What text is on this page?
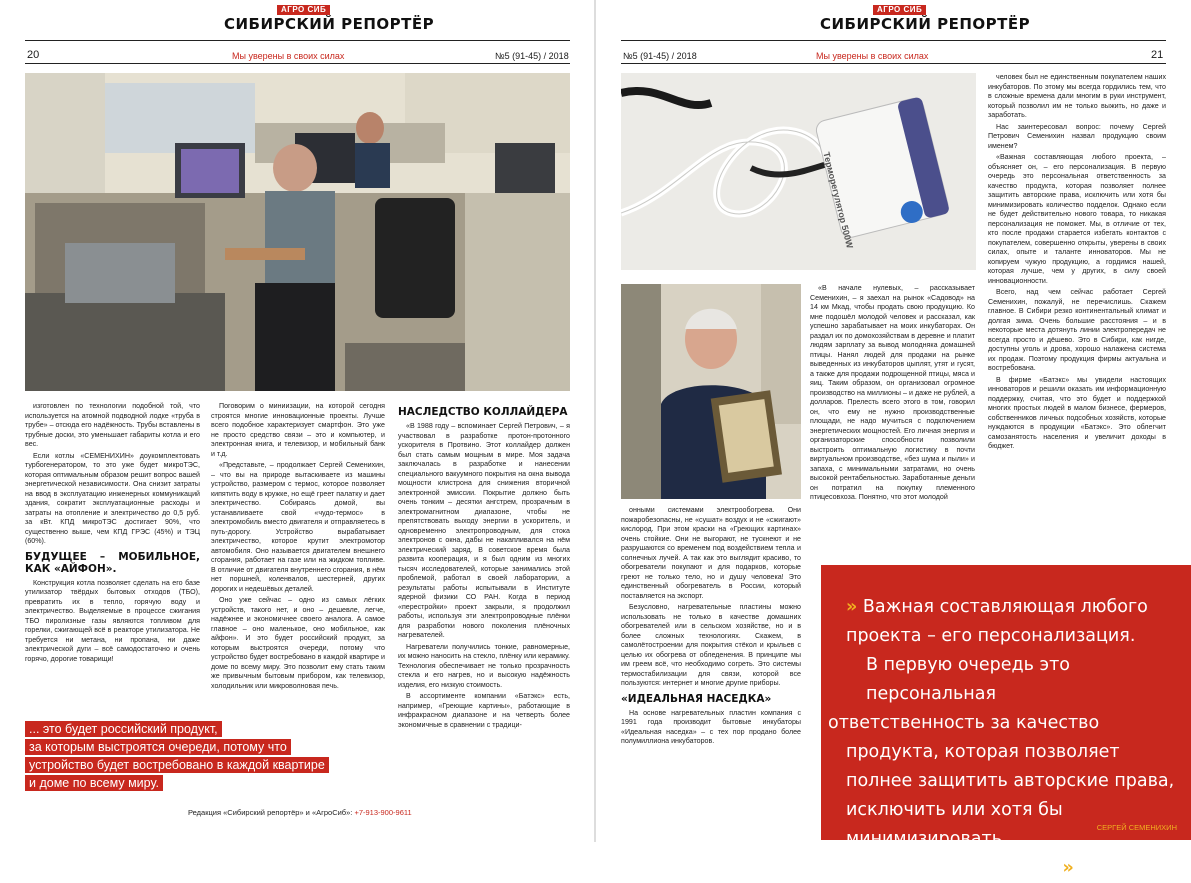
АГРО СИБ
СИБИРСКИЙ РЕПОРТЁР
20	Мы уверены в своих силах	№5 (91-45) / 2018

изготовлен по технологии подобной той, что используется на атомной подводной лодке «труба в трубе» – отсюда его надёжность. Трубы вставлены в трубные доски, это уменьшает габариты котла и его вес.

Если котлы «СЕМЕНИХИН» доукомплектовать турбогенератором, то это уже будет микроТЭС, которая оптимальным образом решит вопрос вашей энергетической независимости. Она снизит затраты на ввод в эксплуатацию инженерных коммуникаций здания, сократит эксплуатационные расходы и затраты на отопление и электричество до 0,5 руб. за кВт. КПД микроТЭС достигает 90%, что существенно выше, чем КПД ГРЭС (45%) и ТЭЦ (60%).

БУДУЩЕЕ – МОБИЛЬНОЕ, КАК «АЙФОН».

Конструкция котла позволяет сделать на его базе утилизатор твёрдых бытовых отходов (ТБО), превратить их в тепло, горячую воду и электричество. Выделяемые в процессе сжигания ТБО пиролизные газы являются топливом для горелки, сжигающей всё в реакторе утилизатора. Не требуется ни метана, ни пропана, ни даже электрической дуги – всё самодостаточно и очень горячо, дорогие товарищи!

Поговорим о миниизации, на которой сегодня строятся многие инновационные проекты. Лучше всего подобное характеризует смартфон. Это уже не просто средство связи – это и компьютер, и электронная книга, и телевизор, и мобильный банк и т.д.

«Представьте, – продолжает Сергей Семенихин, – что вы на природе вытаскиваете из машины устройство, размером с термос, которое позволяет кипятить воду в кружке, но ещё греет палатку и дает электричество. Собираясь домой, вы устанавливаете свой «чудо-термос» в электромобиль вместо двигателя и отправляетесь в путь-дорогу. Устройство вырабатывает электричество, которое крутит электромотор автомобиля. Оно называется двигателем внешнего сгорания, работает на газе или на жидком топливе. В отличие от двигателя внутреннего сгорания, в нём нет поршней, коленвалов, шестерней, других дорогих и недешёвых деталей.

Оно уже сейчас – одно из самых лёгких устройств, такого нет, и оно – дешевле, легче, надёжнее и экономичнее своего аналога. А самое главное – оно маленькое, оно мобильное, как айфон». И это будет российский продукт, за которым выстроятся очереди, потому что устройство будет востребовано в каждой квартире и доме по всему миру. Это позволит ему стать таким же привычным бытовым прибором, как телевизор, холодильник или микроволновая печь.

НАСЛЕДСТВО КОЛЛАЙДЕРА

«В 1988 году – вспоминает Сергей Петрович, – я участвовал в разработке протон-протонного ускорителя в Протвино. Этот коллайдер должен был стать самым мощным в мире. Моя задача заключалась в разработке и нанесении специального вакуумного покрытия на окна вывода мощности клистрона для снижения вторичной электронной эмиссии. Покрытие должно быть очень тонким – десятки ангстрем, прозрачным в электромагнитном диапазоне, чтобы не препятствовать выходу энергии в ускоритель, и одновременно электропроводным, для стока электронов с окна, дабы не накапливался на нём электрический заряд. В советское время была развита кооперация, и я был одним из многих тысяч исследователей, которые занимались этой проблемой, работал в своей лаборатории, а результаты работы испытывали в Институте ядерной физики СО РАН. Когда в период «перестройки» проект закрыли, я продолжил работы, используя эти электропроводные плёнки для разработки нового поколения плёночных нагревателей.

Нагреватели получились тонкие, равномерные, их можно наносить на стекло, плёнку или керамику. Технология обеспечивает не только прозрачность стекла и его нагрев, но и высокую надёжность изделия, его низкую стоимость.

В ассортименте компании «Батэкс» есть, например, «Греющие картины», работающие в инфракрасном диапазоне и на четверть более экономичные в сравнении с традици-

... это будет российский продукт,
за которым выстроятся очереди, потому что
устройство будет востребовано в каждой квартире
и доме по всему миру.
Редакция «Сибирский репортёр» и «АгроСиб»: +7-913-900-9611
АГРО СИБ
СИБИРСКИЙ РЕПОРТЁР
№5 (91-45) / 2018	Мы уверены в своих силах	21
Терморегулятор 500W

онными системами электрообогрева. Они пожаробезопасны, не «сушат» воздух и не «сжигают» кислород. При этом краски на «Греющих картинах» очень стойкие. Они не выгорают, не тускнеют и не разрушаются со временем под воздействием тепла и солнечных лучей. А так как это выглядит красиво, то обогреватели покупают и для подарков, которые греют не только тело, но и душу человека! Это единственный обогреватель в России, который поставляется на экспорт.

Безусловно, нагревательные пластины можно использовать не только в качестве домашних обогревателей или в сельском хозяйстве, но и в более сложных технологиях. Скажем, в самолётостроении для покрытия стёкол и крыльев с целью их обогрева от обледенения. В принципе мы им греем всё, что необходимо согреть. Это системы термостабилизации для связи, которой все пользуются: интернет и многие другие приборы.

«ИДЕАЛЬНАЯ НАСЕДКА»

На основе нагревательных пластин компания с 1991 года производит бытовые инкубаторы «Идеальная наседка» – с тех пор продано более полумиллиона инкубаторов.

«В начале нулевых, – рассказывает Семенихин, – я заехал на рынок «Садовод» на 14 км Мкад, чтобы продать свою продукцию. Ко мне подошёл молодой человек и рассказал, как успешно зарабатывает на моих инкубаторах. Он раздал их по домохозяйствам в деревне и платит людям зарплату за вывод молодняка домашней птицы. Нанял людей для продажи на рынке выведенных из инкубаторов цыплят, утят и гусят, а также для продажи подрощенной птицы, мяса и яиц. Таким образом, он организовал огромное производство на миллионы – и даже не рублей, а долларов. Прелесть всего этого в том, говорил он, что ему не нужно производственные площади, не надо мучиться с подключением энергетических мощностей. Его личная энергия и организаторские способности позволили выстроить оптимальную логистику в почти виртуальном производстве, «без шума и пыли» и запаха, с минимальными затратами, но очень высокой рентабельностью. Заработанные деньги он потратил на покупку племенного птицесовхоза. Понятно, что этот молодой

человек был не единственным покупателем наших инкубаторов. По этому мы всегда гордились тем, что в сложные времена дали многим в руки инструмент, который позволил им не только выжить, но даже и заработать.

Нас заинтересовал вопрос: почему Сергей Петрович Семенихин назвал продукцию своим именем?

«Важная составляющая любого проекта, – объясняет он, – его персонализация. В первую очередь это персональная ответственность за качество продукта, которая позволяет полнее защитить авторские права, исключить или хотя бы минимизировать количество подделок. Однако если не будет действительно нового товара, то никакая персонализация не поможет. Мы, в отличие от тех, кто после продажи старается избегать контактов с покупателем, совершенно открыты, уверены в своих силах, опыте и таланте инноваторов. Мы не копируем чужую продукцию, а гордимся нашей, которая лучше, чем у других, в силу своей инновационности.

Всего, над чем сейчас работает Сергей Семенихин, пожалуй, не перечислишь. Скажем главное. В Сибири резко континентальный климат и долгая зима. Очень большие расстояния – и в некоторые места дотянуть линии электропередач не всегда просто и дёшево. Это в Сибири, как нигде, доступны уголь и дрова, хорошо налажена система их продаж. Поэтому продукция фирмы актуальна и востребована.

В фирме «Батэкс» мы увидели настоящих инноваторов и решили оказать им информационную поддержку, считая, что это будет и поддержкой многих простых людей в малом бизнесе, фермеров, собственников личных подсобных хозяйств, которые нуждаются в продукции «Батэкс». Это облегчит самозанятость населения и увеличит доходы в бюджет.

» Важная составляющая любого
проекта – его персонализация.
В первую очередь это персональная
ответственность за качество
продукта, которая позволяет
полнее защитить авторские права,
исключить или хотя бы минимизировать
количество подделок »
СЕРГЕЙ СЕМЕНИХИН
